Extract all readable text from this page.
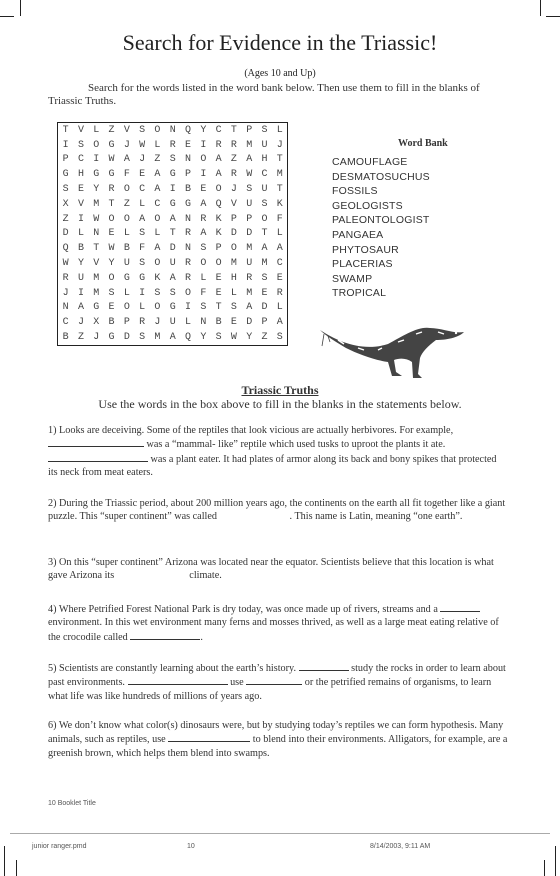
Search for Evidence in the Triassic!
(Ages 10 and Up)

Search for the words listed in the word bank below. Then use them to fill in the blanks of Triassic Truths.

T	V	L	Z	V	S	O	N	Q	Y	C	T	P	S	L
I	S	O	G	J	W	L	R	E	I	R	R	M	U	J
P	C	I	W	A	J	Z	S	N	O	A	Z	A	H	T
G	H	G	G	F	E	A	G	P	I	A	R	W	C	M
S	E	Y	R	O	C	A	I	B	E	O	J	S	U	T
X	V	M	T	Z	L	C	G	G	A	Q	V	U	S	K
Z	I	W	O	O	A	O	A	N	R	K	P	P	O	F
D	L	N	E	L	S	L	T	R	A	K	D	D	T	L
Q	B	T	W	B	F	A	D	N	S	P	O	M	A	A
W	Y	V	Y	U	S	O	U	R	O	O	M	U	M	C
R	U	M	O	G	G	K	A	R	L	E	H	R	S	E
J	I	M	S	L	I	S	S	O	F	E	L	M	E	R
N	A	G	E	O	L	O	G	I	S	T	S	A	D	L
C	J	X	B	P	R	J	U	L	N	B	E	D	P	A
B	Z	J	G	D	S	M	A	Q	Y	S	W	Y	Z	S
Word Bank
CAMOUFLAGE
DESMATOSUCHUS
FOSSILS
GEOLOGISTS
PALEONTOLOGIST
PANGAEA
PHYTOSAUR
PLACERIAS
SWAMP
TROPICAL
Triassic Truths
Use the words in the box above to fill in the blanks in the statements below.

1) Looks are deceiving. Some of the reptiles that look vicious are actually herbivores. For example,  was a “mammal- like” reptile which used tusks to uproot the plants it ate.  was a plant eater. It had plates of armor along its back and bony spikes that protected its neck from meat eaters.

2) During the Triassic period, about 200 million years ago, the continents on the earth all fit together like a giant puzzle. This “super continent” was called	. This name is Latin, meaning “one earth”.

3) On this “super continent” Arizona was located near the equator. Scientists believe that this location is what gave Arizona its	climate.

4) Where Petrified Forest National Park is dry today, was once made up of rivers, streams and a  environment. In this wet environment many ferns and mosses thrived, as well as a large meat eating relative of the crocodile called	.

5) Scientists are constantly learning about the earth’s history.	study the rocks in order to learn about past environments.	use	or the petrified remains of organisms, to learn what life was like hundreds of millions of years ago.

6) We don’t know what color(s) dinosaurs were, but by studying today’s reptiles we can form hypothesis. Many animals, such as reptiles, use	to blend into their environments. Alligators, for example, are a greenish brown, which helps them blend into swamps.

10 Booklet Title
junior ranger.pmd	10	8/14/2003, 9:11 AM
